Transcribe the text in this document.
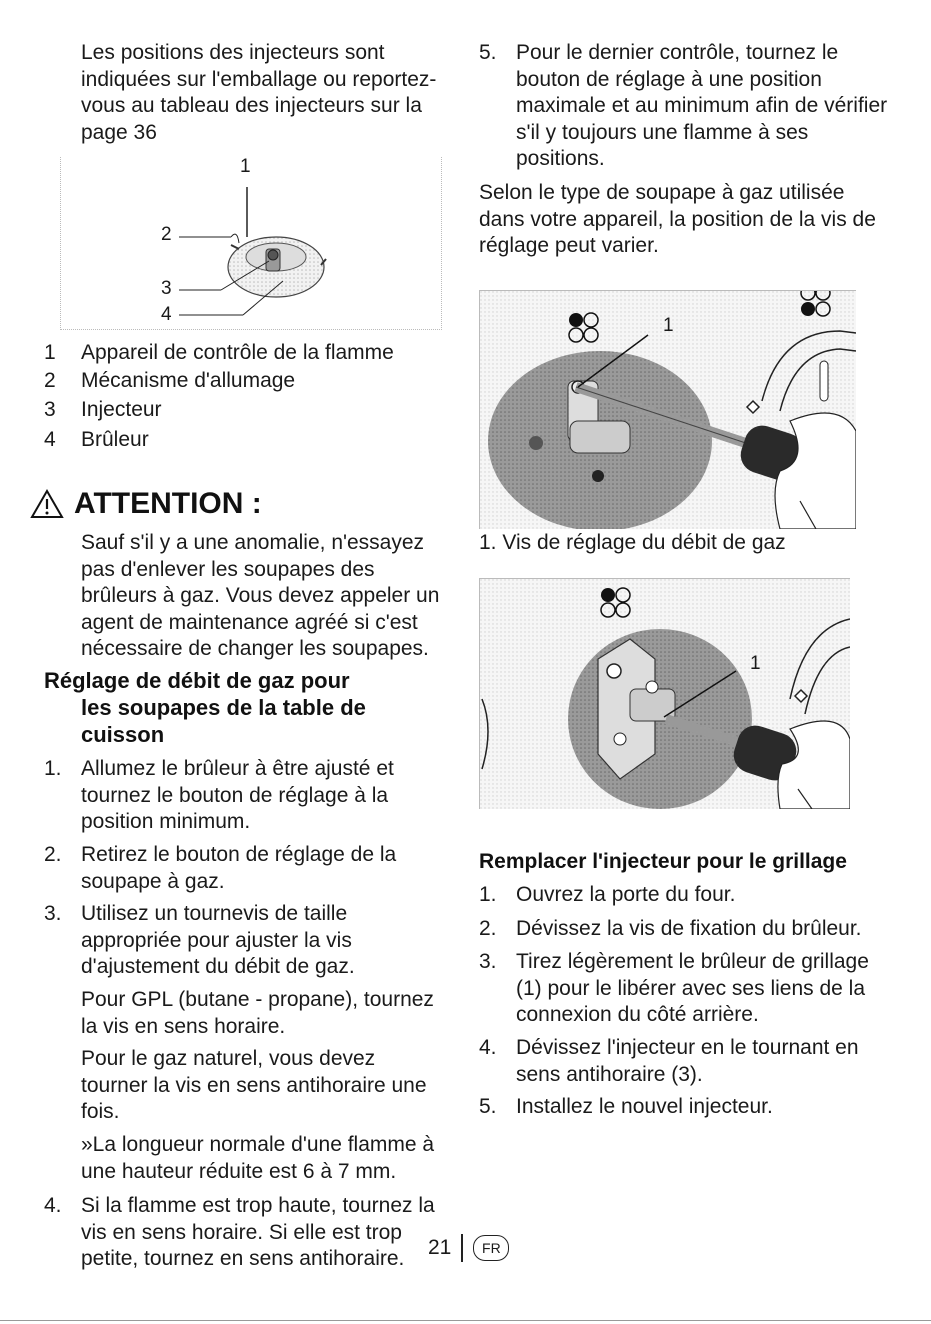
Les positions des injecteurs sont indiquées sur l'emballage ou reportez-vous au tableau des injecteurs sur la page 36

1
2
3
4
1 Appareil de contrôle de la flamme
2 Mécanisme d'allumage
3 Injecteur
4 Brûleur
ATTENTION :

Sauf s'il y a une anomalie, n'essayez pas d'enlever les soupapes des brûleurs à gaz. Vous devez appeler un agent de maintenance agréé si c'est nécessaire de changer les soupapes.

Réglage de débit de gaz pour

les soupapes de la table de

cuisson

1. Allumez le brûleur à être ajusté et tournez le bouton de réglage à la position minimum.

2. Retirez le bouton de réglage de la soupape à gaz.

3. Utilisez un tournevis de taille appropriée pour ajuster la vis d'ajustement du débit de gaz.

Pour GPL (butane - propane), tournez la vis en sens horaire.

Pour le gaz naturel, vous devez tourner la vis en sens antihoraire une fois.

»La longueur normale d'une flamme à une hauteur réduite est 6 à 7 mm.

4. Si la flamme est trop haute, tournez la vis en sens horaire. Si elle est trop petite, tournez en sens antihoraire.

5. Pour le dernier contrôle, tournez le bouton de réglage à une position maximale et au minimum afin de vérifier s'il y toujours une flamme à ses positions.

Selon le type de soupape à gaz utilisée dans votre appareil, la position de la vis de réglage peut varier.

1

1. Vis de réglage du débit de gaz

1

Remplacer l'injecteur pour le grillage

1. Ouvrez la porte du four.

2. Dévissez la vis de fixation du brûleur.

3. Tirez légèrement le brûleur de grillage (1) pour le libérer avec ses liens de la connexion du côté arrière.

4. Dévissez l'injecteur en le tournant en sens antihoraire (3).

5. Installez le nouvel injecteur.

21	FR
